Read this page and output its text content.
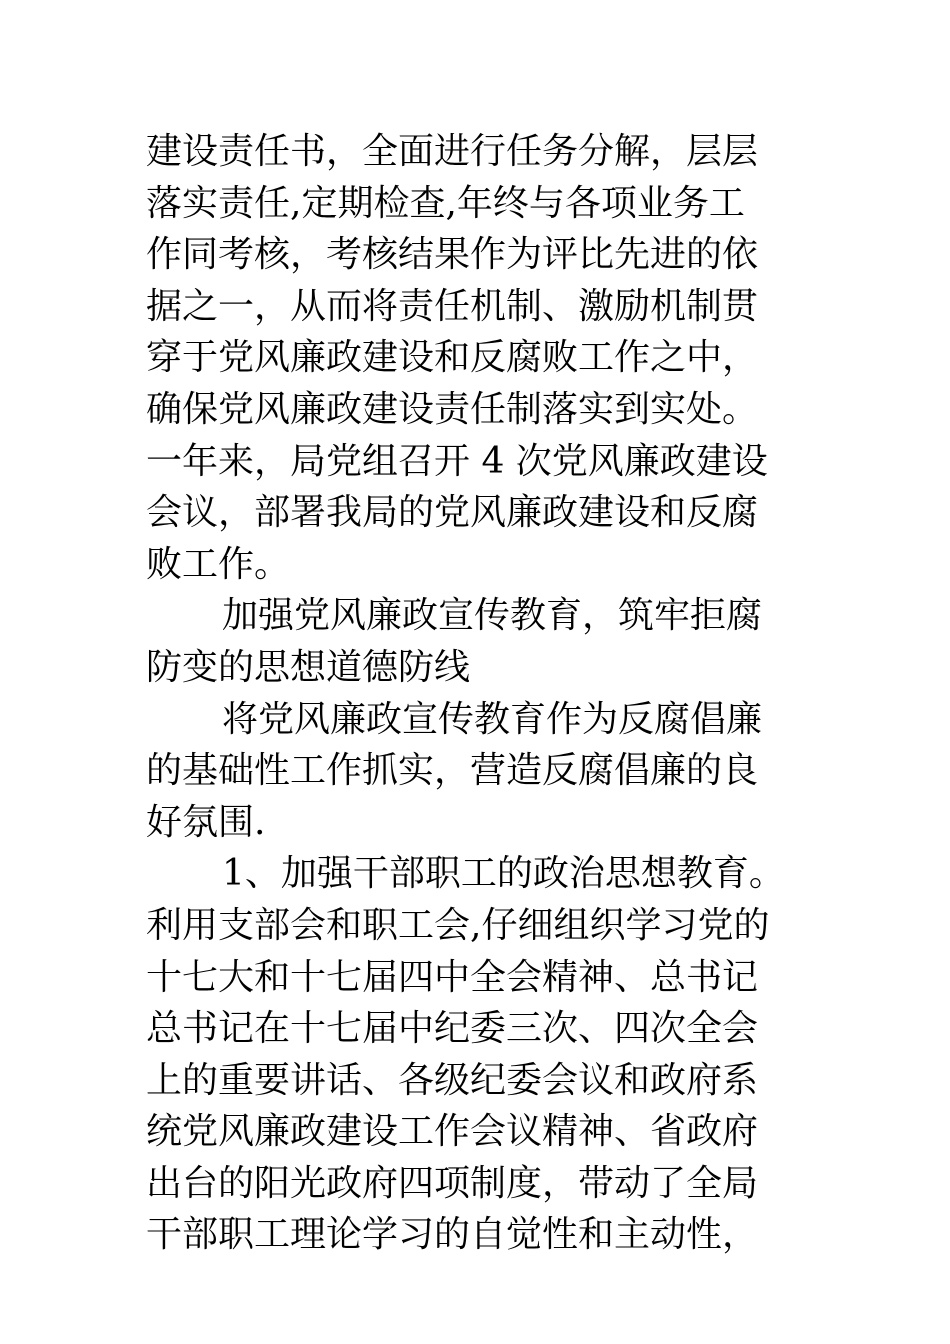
建设责任书，全面进行任务分解，层层
落实责任,定期检查,年终与各项业务工
作同考核，考核结果作为评比先进的依
据之一，从而将责任机制、激励机制贯
穿于党风廉政建设和反腐败工作之中，
确保党风廉政建设责任制落实到实处。
一年来，局党组召开 4 次党风廉政建设
会议，部署我局的党风廉政建设和反腐
败工作。
加强党风廉政宣传教育，筑牢拒腐
防变的思想道德防线
将党风廉政宣传教育作为反腐倡廉
的基础性工作抓实，营造反腐倡廉的良
好氛围.
1、加强干部职工的政治思想教育。
利用支部会和职工会,仔细组织学习党的
十七大和十七届四中全会精神、总书记
总书记在十七届中纪委三次、四次全会
上的重要讲话、各级纪委会议和政府系
统党风廉政建设工作会议精神、省政府
出台的阳光政府四项制度，带动了全局
干部职工理论学习的自觉性和主动性，
